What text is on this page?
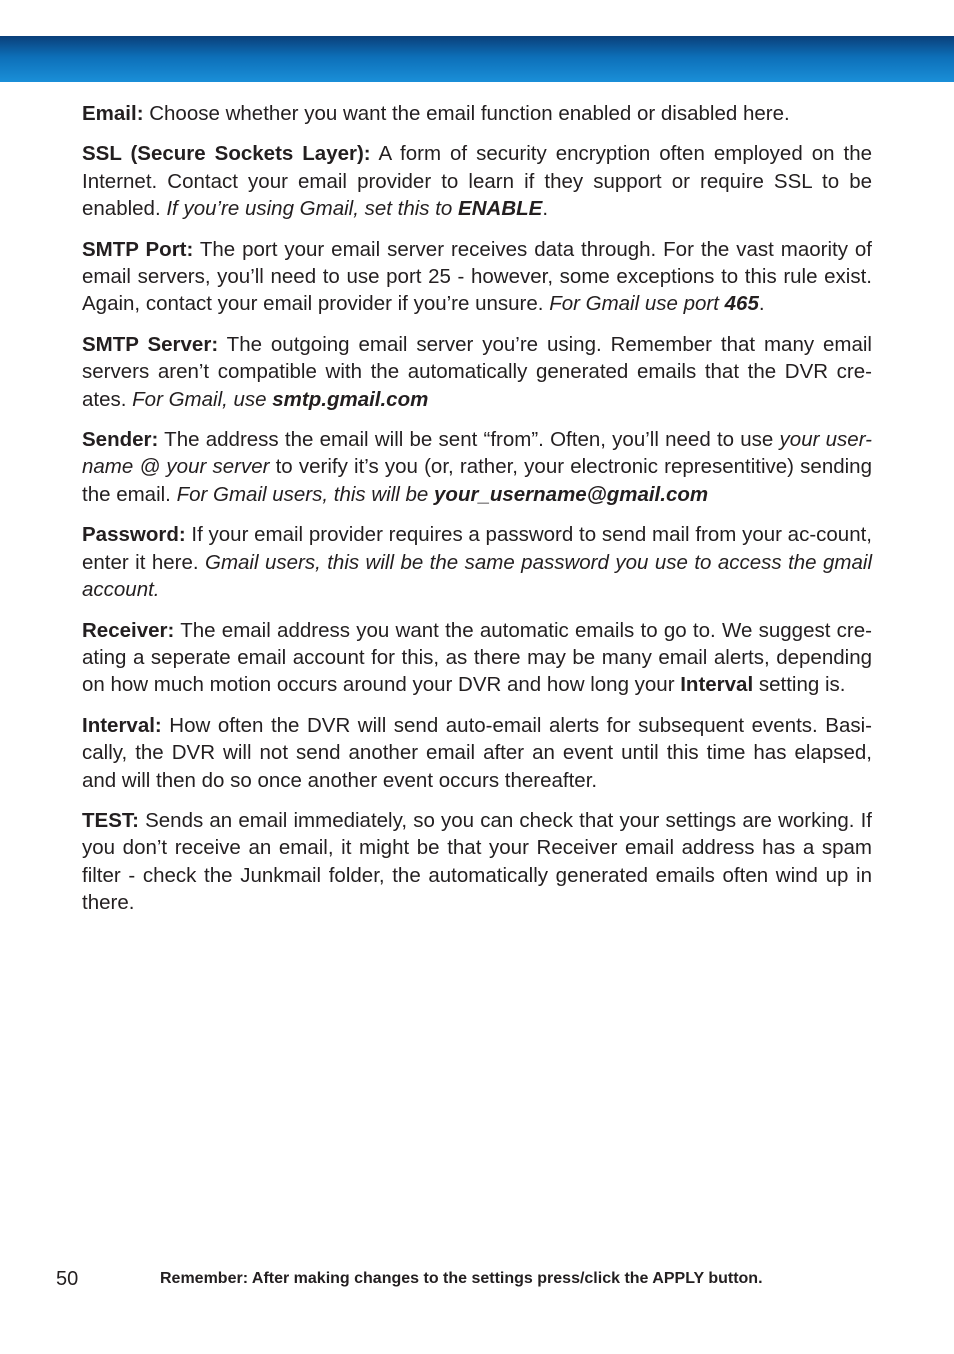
Email: Choose whether you want the email function enabled or disabled here.

SSL (Secure Sockets Layer): A form of security encryption often employed on the Internet. Contact your email provider to learn if they support or require SSL to be enabled. If you’re using Gmail, set this to ENABLE.

SMTP Port: The port your email server receives data through. For the vast maority of email servers, you’ll need to use port 25 - however, some exceptions to this rule exist. Again, contact your email provider if you’re unsure. For Gmail use port 465.

SMTP Server: The outgoing email server you’re using. Remember that many email servers aren’t compatible with the automatically generated emails that the DVR cre-ates. For Gmail, use smtp.gmail.com

Sender: The address the email will be sent “from”. Often, you’ll need to use your user-name @ your server to verify it’s you (or, rather, your electronic representitive) sending the email. For Gmail users, this will be your_username@gmail.com

Password: If your email provider requires a password to send mail from your ac-count, enter it here. Gmail users, this will be the same password you use to access the gmail account.

Receiver: The email address you want the automatic emails to go to. We suggest cre-ating a seperate email account for this, as there may be many email alerts, depending on how much motion occurs around your DVR and how long your Interval setting is.

Interval: How often the DVR will send auto-email alerts for subsequent events. Basi-cally, the DVR will not send another email after an event until this time has elapsed, and will then do so once another event occurs thereafter.

TEST: Sends an email immediately, so you can check that your settings are working. If you don’t receive an email, it might be that your Receiver email address has a spam filter - check the Junkmail folder, the automatically generated emails often wind up in there.

50	Remember: After making changes to the settings press/click the APPLY button.
